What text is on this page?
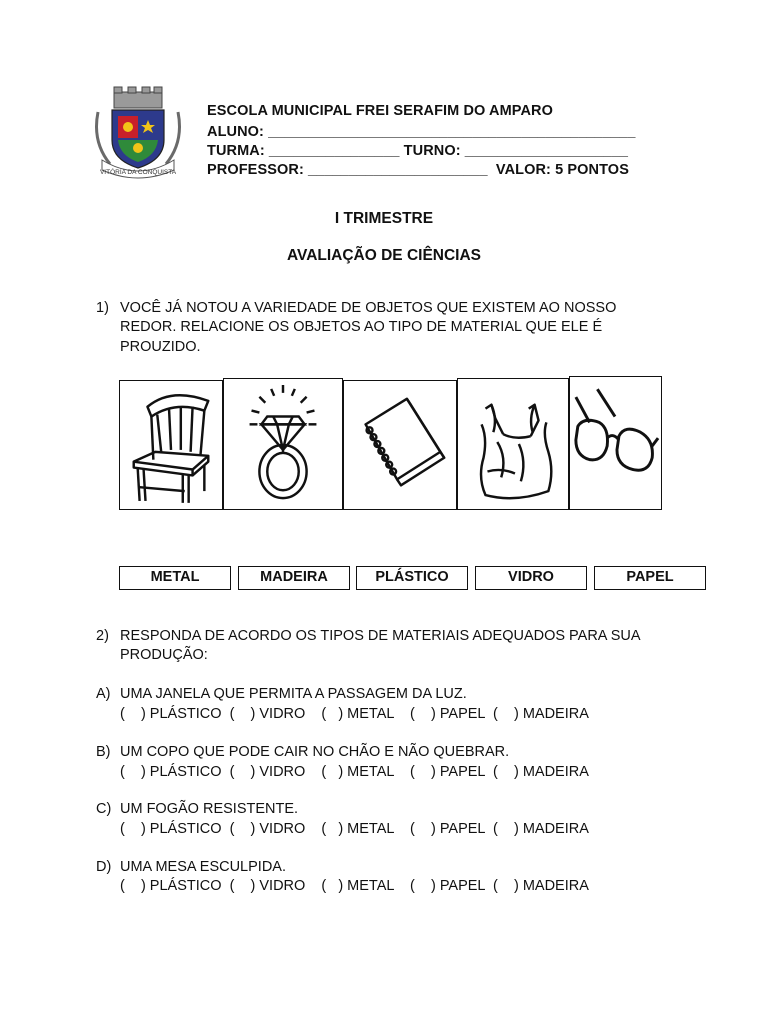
VITÓRIA DA CONQUISTA
ESCOLA MUNICIPAL FREI SERAFIM DO AMPARO
ALUNO: _____________________________________________
TURMA: ________________ TURNO: ____________________
PROFESSOR: ______________________  VALOR: 5 PONTOS
I TRIMESTRE
AVALIAÇÃO DE CIÊNCIAS
1) VOCÊ JÁ NOTOU A VARIEDADE DE OBJETOS QUE EXISTEM AO NOSSO
REDOR. RELACIONE OS OBJETOS AO TIPO DE MATERIAL QUE ELE É
PROUZIDO.
METAL	MADEIRA	PLÁSTICO	VIDRO	PAPEL
2) RESPONDA DE ACORDO OS TIPOS DE MATERIAIS ADEQUADOS PARA SUA
PRODUÇÃO:
A) UMA JANELA QUE PERMITA A PASSAGEM DA LUZ.
(    ) PLÁSTICO  (    ) VIDRO    (   ) METAL    (    ) PAPEL  (    ) MADEIRA
B) UM COPO QUE PODE CAIR NO CHÃO E NÃO QUEBRAR.
(    ) PLÁSTICO  (    ) VIDRO    (   ) METAL    (    ) PAPEL  (    ) MADEIRA
C) UM FOGÃO RESISTENTE.
(    ) PLÁSTICO  (    ) VIDRO    (   ) METAL    (    ) PAPEL  (    ) MADEIRA
D) UMA MESA ESCULPIDA.
(    ) PLÁSTICO  (    ) VIDRO    (   ) METAL    (    ) PAPEL  (    ) MADEIRA
